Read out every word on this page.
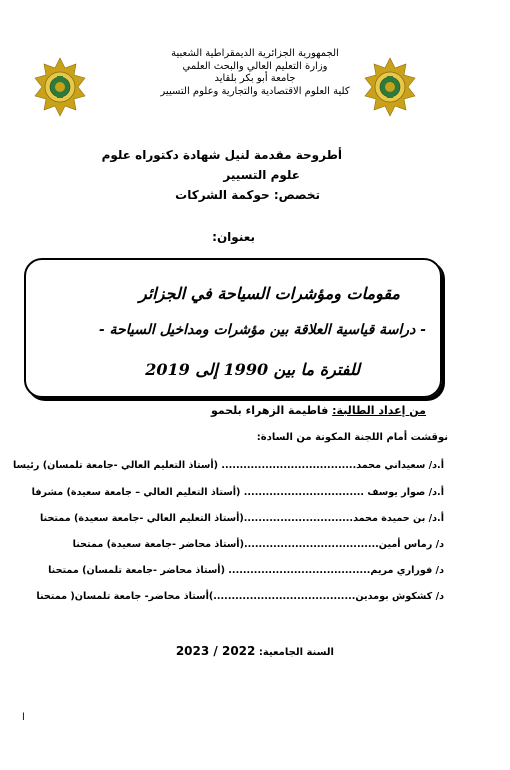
الجمهورية الجزائرية الديمقراطية الشعبية
وزارة التعليم العالي والبحث العلمي
جامعة أبو بكر بلقايد
كلية العلوم الاقتصادية والتجارية وعلوم التسيير
أطروحة مقدمة لنيل شهادة دكتوراه علوم
علوم التسيير
تخصص: حوكمة الشركات
بعنوان:
مقومات ومؤشرات السياحة في الجزائر
- دراسة قياسية العلاقة بين مؤشرات ومداخيل السياحة -
للفترة ما بين 1990 إلى 2019
من إعداد الطالبة: فاطيمة الزهراء بلحمو
نوقشت أمام اللجنة المكونة من السادة:
أ.د/ سعيداني محمد..................................... (أستاذ التعليم العالي -جامعة تلمسان) رئيسا
أ.د/ صوار يوسف ................................. (أستاذ التعليم العالي – جامعة سعيدة) مشرفا
أ.د/ بن حميدة محمد..............................(أستاذ التعليم العالي -جامعة سعيدة) ممتحنا
د/ رماس أمين.....................................(أستاذ محاضر -جامعة سعيدة) ممتحنا
د/ فوراري مريم....................................... (أستاذ محاضر -جامعة تلمسان) ممتحنا
د/ كشكوش بومدين.......................................)أستاذ محاضر- جامعة تلمسان( ممتحنا
السنة الجامعية: 2022 / 2023
ا
